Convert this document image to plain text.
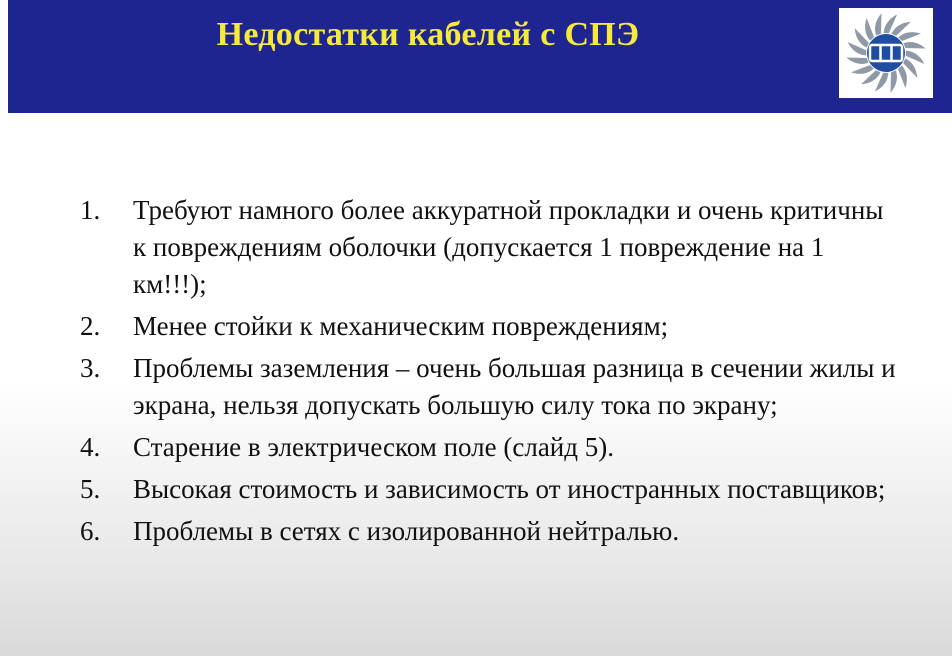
Недостатки кабелей с СПЭ
1. Требуют намного более аккуратной прокладки и очень критичны к повреждениям оболочки (допускается 1 повреждение на 1 км!!!);
2. Менее стойки к механическим повреждениям;
3. Проблемы заземления – очень большая разница в сечении жилы и экрана, нельзя допускать большую силу тока по экрану;
4. Старение в электрическом поле (слайд 5).
5. Высокая стоимость и зависимость от иностранных поставщиков;
6. Проблемы в сетях с изолированной нейтралью.
